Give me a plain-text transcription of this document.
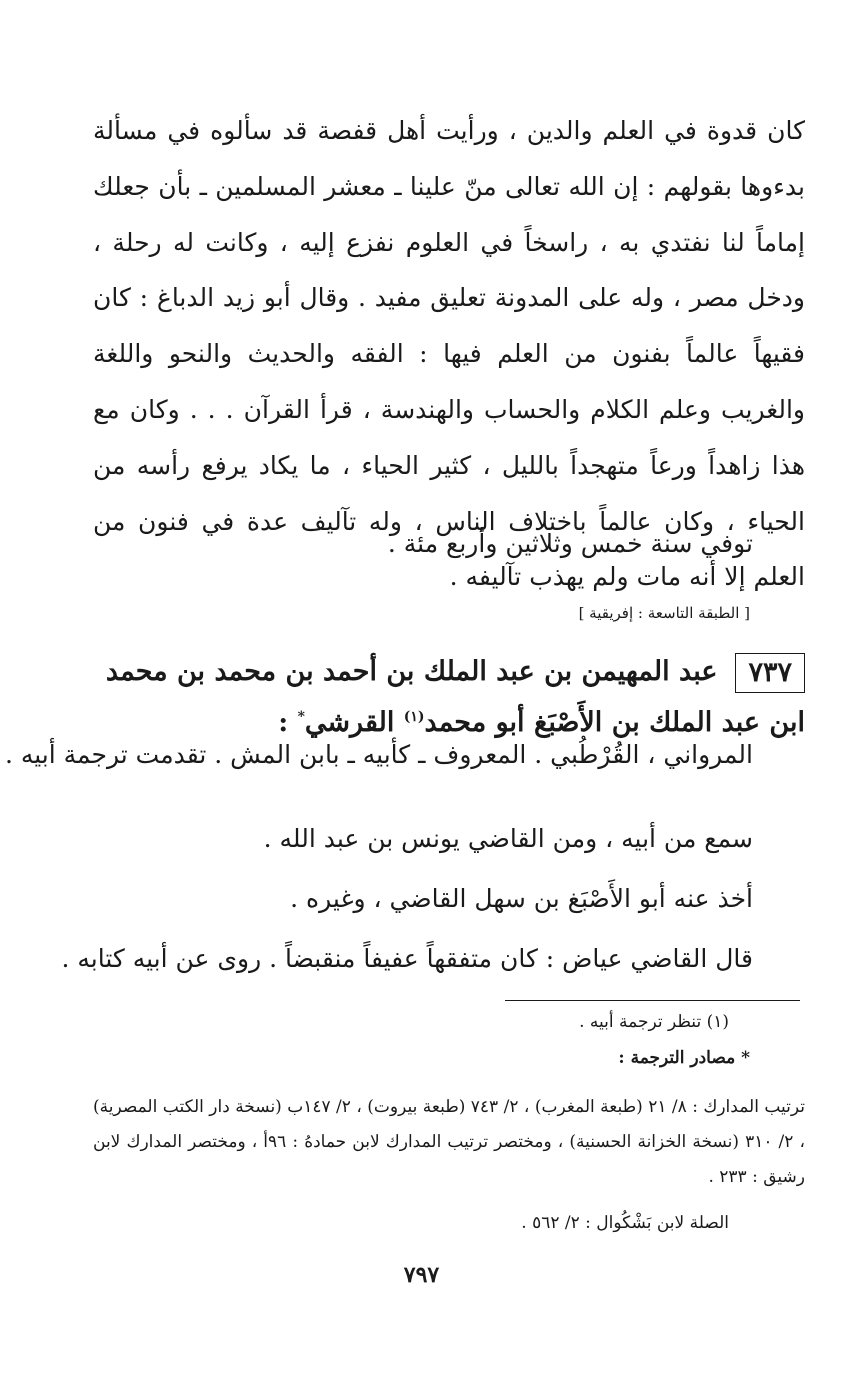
كان قدوة في العلم والدين ، ورأيت أهل قفصة قد سألوه في مسألة بدءوها بقولهم : إن الله تعالى منّ علينا ـ معشر المسلمين ـ بأن جعلك إماماً لنا نفتدي به ، راسخاً في العلوم نفزع إليه ، وكانت له رحلة ، ودخل مصر ، وله على المدونة تعليق مفيد . وقال أبو زيد الدباغ : كان فقيهاً عالماً بفنون من العلم فيها : الفقه والحديث والنحو واللغة والغريب وعلم الكلام والحساب والهندسة ، قرأ القرآن . . . وكان مع هذا زاهداً ورعاً متهجداً بالليل ، كثير الحياء ، ما يكاد يرفع رأسه من الحياء ، وكان عالماً باختلاف الناس ، وله تآليف عدة في فنون من العلم إلا أنه مات ولم يهذب تآليفه .

توفي سنة خمس وثلاثين وأربع مئة .

[ الطبقة التاسعة : إفريقية ]

٧٣٧عبد المهيمن بن عبد الملك بن أحمد بن محمد بن محمد
ابن عبد الملك بن الأَصْبَغ أبو محمد$^{(١)}$ القرشي* :

المرواني ، القُرْطُبي . المعروف ـ كأبيه ـ بابن المش . تقدمت ترجمة أبيه .

سمع من أبيه ، ومن القاضي يونس بن عبد الله .

أخذ عنه أبو الأَصْبَغ بن سهل القاضي ، وغيره .

قال القاضي عياض : كان متفقهاً عفيفاً منقبضاً . روى عن أبيه كتابه .

(١) تنظر ترجمة أبيه .

* مصادر الترجمة :

ترتيب المدارك : ٨/ ٢١ (طبعة المغرب) ، ٢/ ٧٤٣ (طبعة بيروت) ، ٢/ ١٤٧ب (نسخة دار الكتب المصرية) ، ٢/ ٣١٠ (نسخة الخزانة الحسنية) ، ومختصر ترتيب المدارك لابن حمادهُ : ٩٦أ ، ومختصر المدارك لابن رشيق : ٢٣٣ .

الصلة لابن بَشْكُوال : ٢/ ٥٦٢ .

٧٩٧
